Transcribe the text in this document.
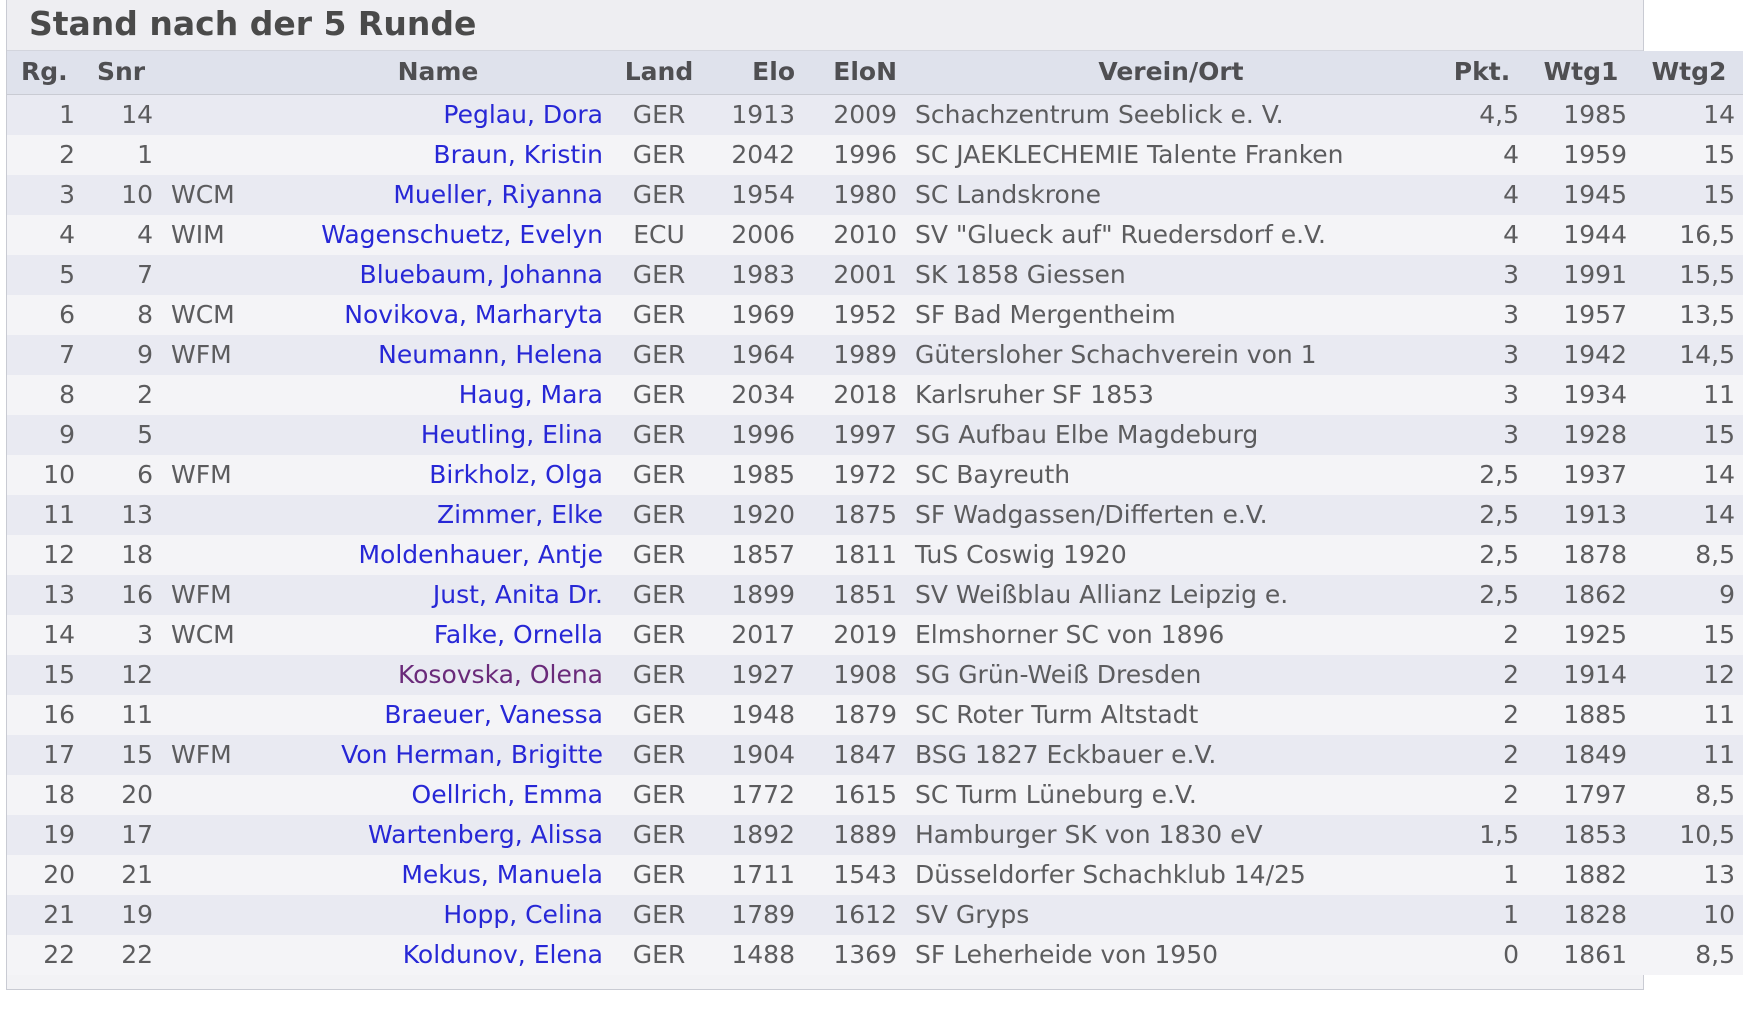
Stand nach der 5 Runde
Rg.	Snr		Name	Land	Elo	EloN	Verein/Ort	Pkt.	Wtg1	Wtg2
1	14		Peglau, Dora	GER	1913	2009	Schachzentrum Seeblick e. V.	4,5	1985	14
2	1		Braun, Kristin	GER	2042	1996	SC JAEKLECHEMIE Talente Franken	4	1959	15
3	10	WCM	Mueller, Riyanna	GER	1954	1980	SC Landskrone	4	1945	15
4	4	WIM	Wagenschuetz, Evelyn	ECU	2006	2010	SV "Glueck auf" Ruedersdorf e.V.	4	1944	16,5
5	7		Bluebaum, Johanna	GER	1983	2001	SK 1858 Giessen	3	1991	15,5
6	8	WCM	Novikova, Marharyta	GER	1969	1952	SF Bad Mergentheim	3	1957	13,5
7	9	WFM	Neumann, Helena	GER	1964	1989	Gütersloher Schachverein von 1	3	1942	14,5
8	2		Haug, Mara	GER	2034	2018	Karlsruher SF 1853	3	1934	11
9	5		Heutling, Elina	GER	1996	1997	SG Aufbau Elbe Magdeburg	3	1928	15
10	6	WFM	Birkholz, Olga	GER	1985	1972	SC Bayreuth	2,5	1937	14
11	13		Zimmer, Elke	GER	1920	1875	SF Wadgassen/Differten e.V.	2,5	1913	14
12	18		Moldenhauer, Antje	GER	1857	1811	TuS Coswig 1920	2,5	1878	8,5
13	16	WFM	Just, Anita Dr.	GER	1899	1851	SV Weißblau Allianz Leipzig e.	2,5	1862	9
14	3	WCM	Falke, Ornella	GER	2017	2019	Elmshorner SC von 1896	2	1925	15
15	12		Kosovska, Olena	GER	1927	1908	SG Grün-Weiß Dresden	2	1914	12
16	11		Braeuer, Vanessa	GER	1948	1879	SC Roter Turm Altstadt	2	1885	11
17	15	WFM	Von Herman, Brigitte	GER	1904	1847	BSG 1827 Eckbauer e.V.	2	1849	11
18	20		Oellrich, Emma	GER	1772	1615	SC Turm Lüneburg e.V.	2	1797	8,5
19	17		Wartenberg, Alissa	GER	1892	1889	Hamburger SK von 1830 eV	1,5	1853	10,5
20	21		Mekus, Manuela	GER	1711	1543	Düsseldorfer Schachklub 14/25	1	1882	13
21	19		Hopp, Celina	GER	1789	1612	SV Gryps	1	1828	10
22	22		Koldunov, Elena	GER	1488	1369	SF Leherheide von 1950	0	1861	8,5
